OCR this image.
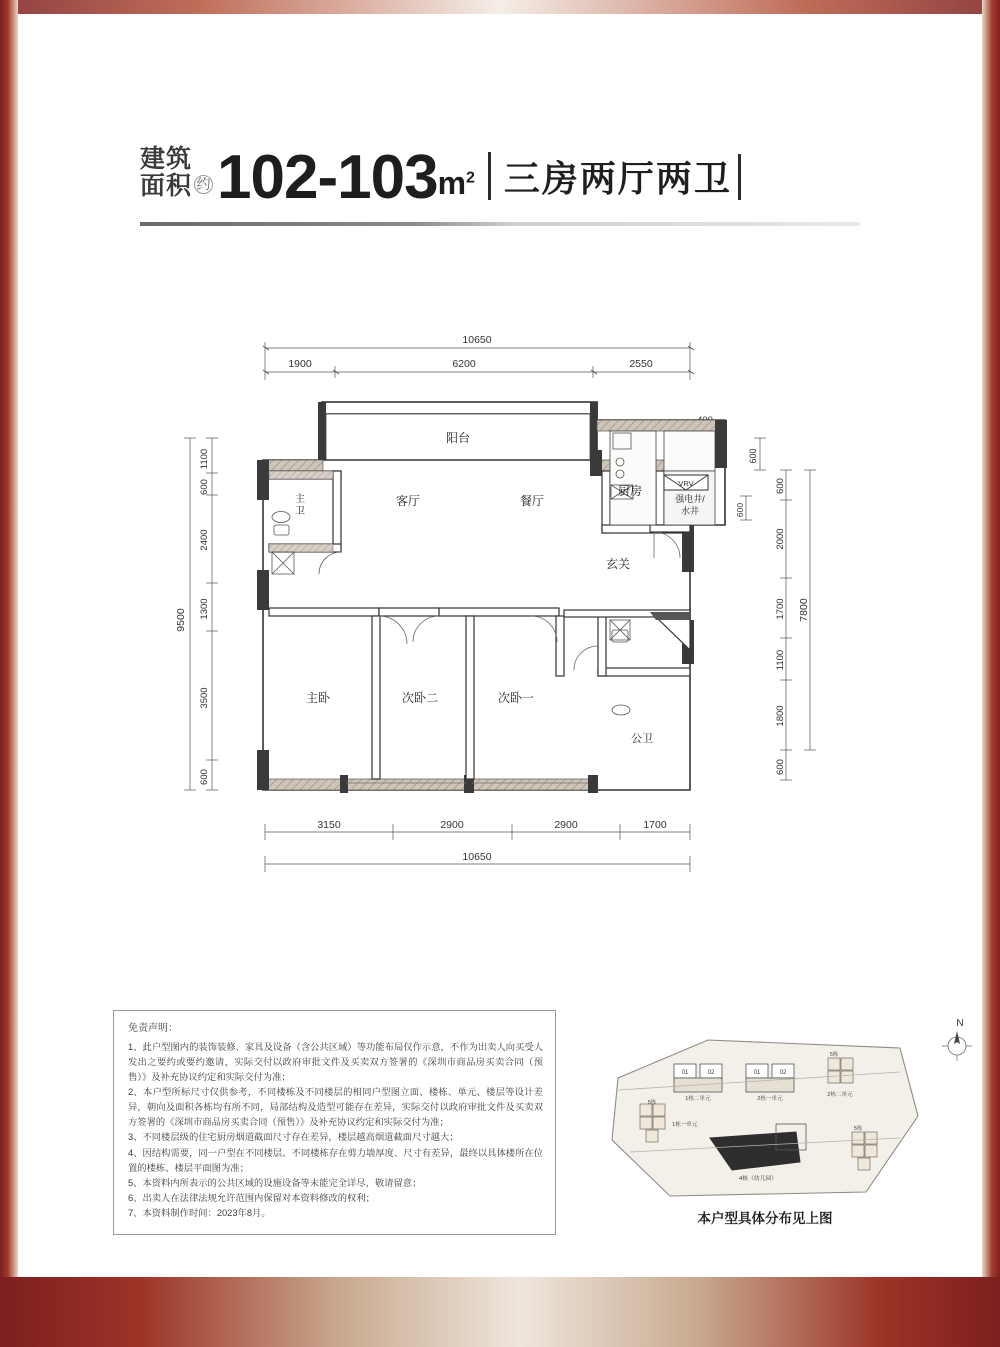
建筑
面积 约 102-103 $m^2$ 三房两厅两卫
10650
1900	6200	2550
9500
1100
600
2400
1300
3500
600
600
600
2000
1700
1100
1800
600
7800
600
3150	2900	2900	1700
10650
VRV
阳台
主
卫
客厅	餐厅
厨房
玄关
强电井/
水井
主卧	次卧二	次卧一
公卫
免责声明：

1、此户型图内的装饰装修、家具及设备（含公共区域）等功能布局仅作示意，不作为出卖人向买受人发出之要约或要约邀请，实际交付以政府审批文件及买卖双方签署的《深圳市商品房买卖合同（预售）》及补充协议约定和实际交付为准；

2、本户型所标尺寸仅供参考，不同楼栋及不同楼层的相同户型图立面、楼栋、单元、楼层等设计差异，朝向及面积各栋均有所不同，局部结构及造型可能存在差异，实际交付以政府审批文件及买卖双方签署的《深圳市商品房买卖合同（预售）》及补充协议约定和实际交付为准；

3、不同楼层级的住宅厨房烟道截面尺寸存在差异，楼层越高烟道截面尺寸越大；

4、因结构需要，同一户型在不同楼层、不同楼栋存在剪力墙厚度、尺寸有差异，最终以具体楼所在位置的楼栋、楼层平面图为准；

5、本资料内所表示的公共区域的设施设备等未能完全详尽，敬请留意；

6、出卖人在法律法规允许范围内保留对本资料修改的权利；

7、本资料制作时间：2023年8月。

N
01	02
1栋二单元
01	02
2栋一单元
5栋
1栋一单元
5栋
2栋二单元
5栋
4栋（幼儿园）
本户型具体分布见上图
